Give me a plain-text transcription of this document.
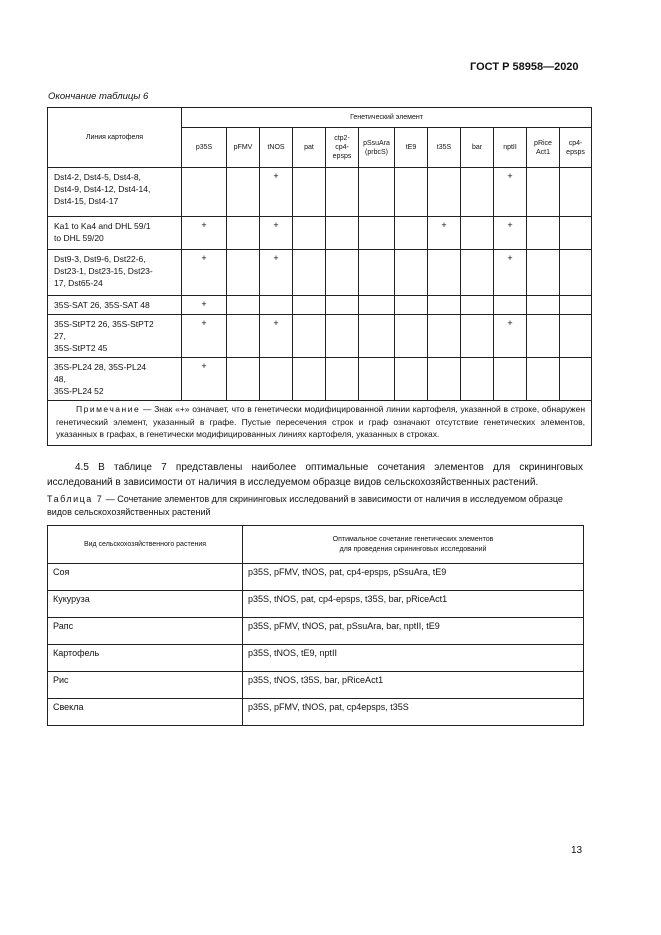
ГОСТ Р 58958—2020
Окончание таблицы 6
Линия картофеля	Генетический элемент											
	p35S	pFMV	tNOS	pat	ctp2-
cp4-
epsps	pSsuAra
(prbcS)	tE9	t35S	bar	nptII	pRice
Act1	cp4-
epsps
Dst4-2, Dst4-5, Dst4-8,
Dst4-9, Dst4-12, Dst4-14,
Dst4-15, Dst4-17			+							+		
Ka1 to Ka4 and DHL 59/1
to DHL 59/20	+		+					+		+		
Dst9-3, Dst9-6, Dst22-6,
Dst23-1, Dst23-15, Dst23-
17, Dst65-24	+		+							+		
35S-SAT 26, 35S-SAT 48	+											
35S-StPT2 26, 35S-StPT2
27,
35S-StPT2 45	+		+							+		
35S-PL24 28, 35S-PL24
48,
35S-PL24 52	+											
Примечание — Знак «+» означает, что в генетически модифицированной линии картофеля, указанной в строке, обнаружен генетический элемент, указанный в графе. Пустые пересечения строк и граф означают отсутствие генетических элементов, указанных в графах, в генетически модифицированных линиях картофеля, указанных в строках.												
4.5 В таблице 7 представлены наиболее оптимальные сочетания элементов для скрининговых исследований в зависимости от наличия в исследуемом образце видов сельскохозяйственных растений.
Таблица 7 — Сочетание элементов для скрининговых исследований в зависимости от наличия в исследуемом образце видов сельскохозяйственных растений
Вид сельскохозяйственного растения	Оптимальное сочетание генетических элементов
для проведения скрининговых исследований
Соя	p35S, pFMV, tNOS, pat, cp4-epsps, pSsuAra, tE9
Кукуруза	p35S, tNOS, pat, cp4-epsps, t35S, bar, pRiceAct1
Рапс	p35S, pFMV, tNOS, pat, pSsuAra, bar, nptII, tE9
Картофель	p35S, tNOS, tE9, nptII
Рис	p35S, tNOS, t35S, bar, pRiceAct1
Свекла	p35S, pFMV, tNOS, pat, cp4epsps, t35S
13
